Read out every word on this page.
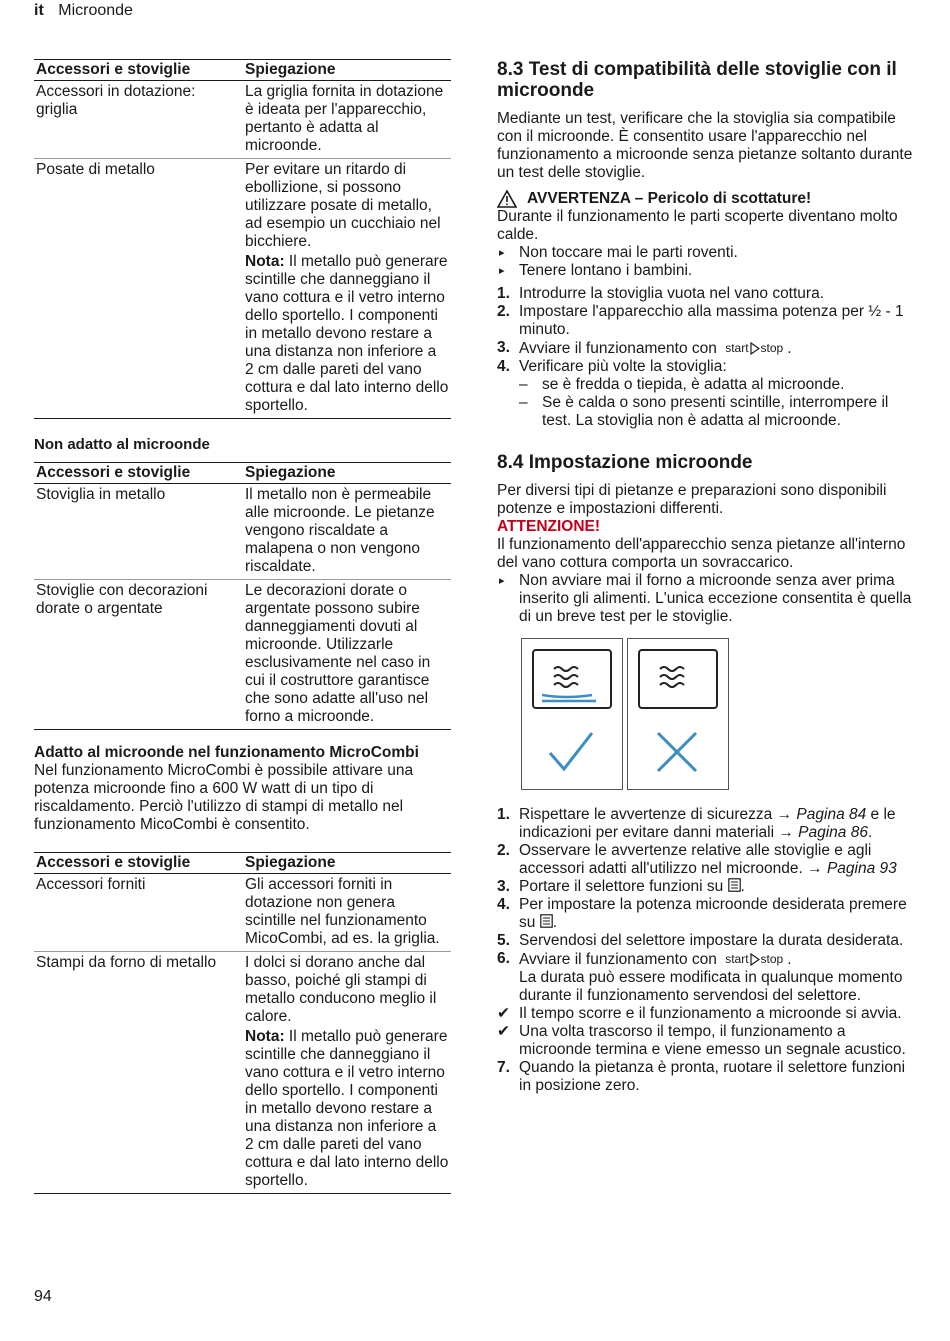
it Microonde
Accessori e stoviglie	Spiegazione
Accessori in dotazione: griglia	La griglia fornita in dotazione è ideata per l'apparecchio, pertanto è adatta al microonde.
Posate di metallo	Per evitare un ritardo di ebollizione, si possono utilizzare posate di metallo, ad esempio un cucchiaio nel bicchiere.

Nota: Il metallo può generare scintille che danneggiano il vano cottura e il vetro interno dello sportello. I componenti in metallo devono restare a una distanza non inferiore a 2 cm dalle pareti del vano cottura e dal lato interno dello sportello.

Non adatto al microonde
Accessori e stoviglie	Spiegazione
Stoviglia in metallo	Il metallo non è permeabile alle microonde. Le pietanze vengono riscaldate a malapena o non vengono riscaldate.
Stoviglie con decorazioni dorate o argentate	Le decorazioni dorate o argentate possono subire danneggiamenti dovuti al microonde. Utilizzarle esclusivamente nel caso in cui il costruttore garantisce che sono adatte all'uso nel forno a microonde.
Adatto al microonde nel funzionamento MicroCombi

Nel funzionamento MicroCombi è possibile attivare una potenza microonde fino a 600 W watt di un tipo di riscaldamento. Perciò l'utilizzo di stampi di metallo nel funzionamento MicoCombi è consentito.

Accessori e stoviglie	Spiegazione
Accessori forniti	Gli accessori forniti in dotazione non genera scintille nel funzionamento MicoCombi, ad es. la griglia.
Stampi da forno di metallo	I dolci si dorano anche dal basso, poiché gli stampi di metallo conducono meglio il calore.

Nota: Il metallo può generare scintille che danneggiano il vano cottura e il vetro interno dello sportello. I componenti in metallo devono restare a una distanza non inferiore a 2 cm dalle pareti del vano cottura e dal lato interno dello sportello.

8.3 Test di compatibilità delle stoviglie con il microonde

Mediante un test, verificare che la stoviglia sia compatibile con il microonde. È consentito usare l'apparecchio nel funzionamento a microonde senza pietanze soltanto durante un test delle stoviglie.

AVVERTENZA – Pericolo di scottature!

Durante il funzionamento le parti scoperte diventano molto calde.

▸ Non toccare mai le parti roventi.
▸ Tenere lontano i bambini.
1. Introdurre la stoviglia vuota nel vano cottura.
2. Impostare l'apparecchio alla massima potenza per ½ - 1 minuto.
3. Avviare il funzionamento con start stop .
4. Verificare più volte la stoviglia:
– se è fredda o tiepida, è adatta al microonde.
– Se è calda o sono presenti scintille, interrompere il test. La stoviglia non è adatta al microonde.
8.4 Impostazione microonde

Per diversi tipi di pietanze e preparazioni sono disponibili potenze e impostazioni differenti.

ATTENZIONE!

Il funzionamento dell'apparecchio senza pietanze all'interno del vano cottura comporta un sovraccarico.

▸ Non avviare mai il forno a microonde senza aver prima inserito gli alimenti. L'unica eccezione consentita è quella di un breve test per le stoviglie.
1. Rispettare le avvertenze di sicurezza → Pagina 84 e le indicazioni per evitare danni materiali → Pagina 86.
2. Osservare le avvertenze relative alle stoviglie e agli accessori adatti all'utilizzo nel microonde. → Pagina 93
3. Portare il selettore funzioni su .
4. Per impostare la potenza microonde desiderata premere su .
5. Servendosi del selettore impostare la durata desiderata.
6. Avviare il funzionamento con start stop .
La durata può essere modificata in qualunque momento durante il funzionamento servendosi del selettore.
✔ Il tempo scorre e il funzionamento a microonde si avvia.
✔ Una volta trascorso il tempo, il funzionamento a microonde termina e viene emesso un segnale acustico.
7. Quando la pietanza è pronta, ruotare il selettore funzioni in posizione zero.
94
